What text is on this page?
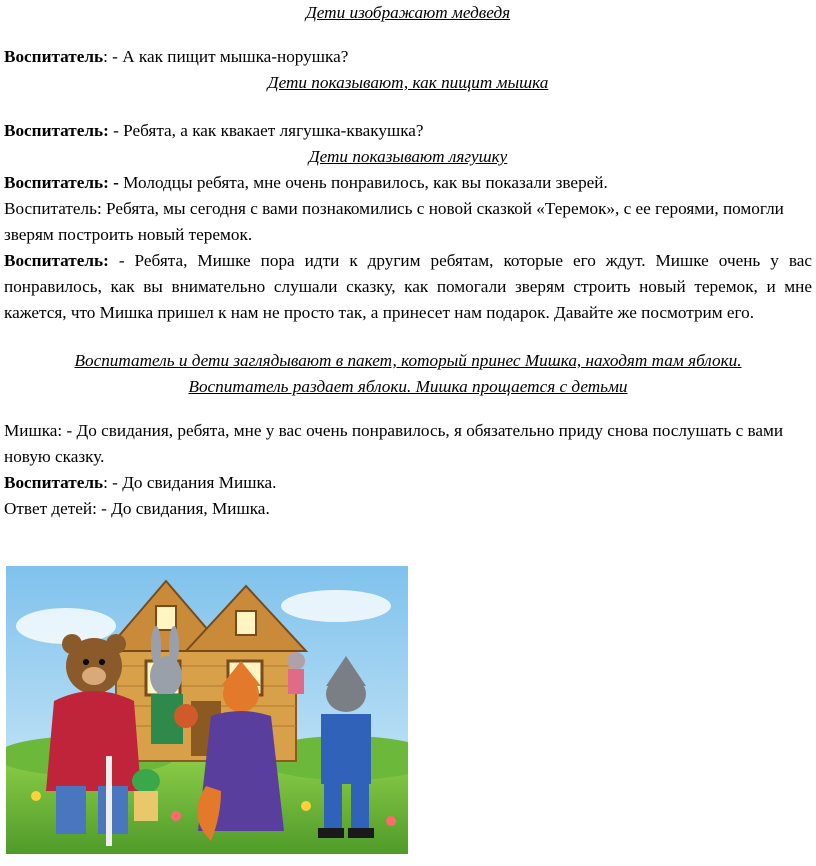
Дети изображают медведя

Воспитатель: - А как пищит мышка-норушка?

Дети показывают, как пищит мышка

Воспитатель: - Ребята, а как квакает лягушка-квакушка?

Дети показывают лягушку

Воспитатель: - Молодцы ребята, мне очень понравилось, как вы показали зверей.

Воспитатель: Ребята, мы сегодня с вами познакомились с новой сказкой «Теремок», с ее героями, помогли зверям построить новый теремок.

Воспитатель: - Ребята, Мишке пора идти к другим ребятам, которые его ждут. Мишке очень у вас понравилось, как вы внимательно слушали сказку, как помогали зверям строить новый теремок, и мне кажется, что Мишка пришел к нам не просто так, а принесет нам подарок. Давайте же посмотрим его.

Воспитатель и дети заглядывают в пакет, который принес Мишка, находят там яблоки.

Воспитатель раздает яблоки. Мишка прощается с детьми

Мишка: - До свидания, ребята, мне у вас очень понравилось, я обязательно приду снова послушать с вами новую сказку.

Воспитатель: - До свидания Мишка.

Ответ детей: - До свидания, Мишка.
